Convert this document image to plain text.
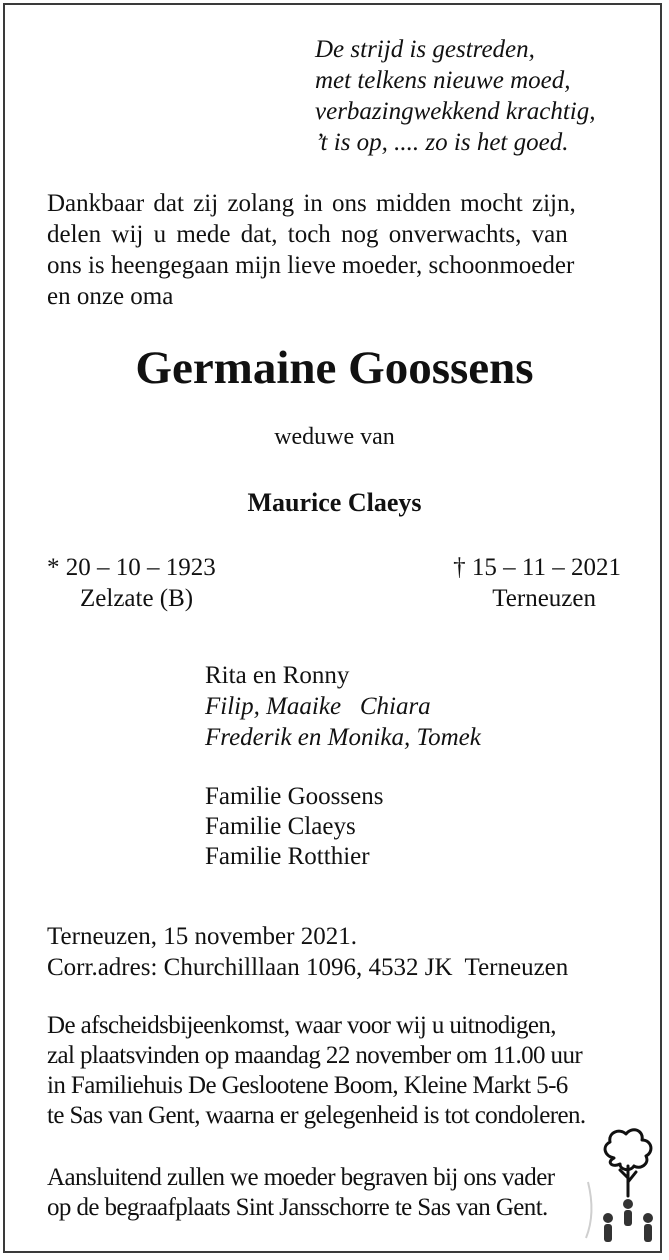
De strijd is gestreden,
met telkens nieuwe moed,
verbazingwekkend krachtig,
’t is op, .... zo is het goed.
Dankbaar dat zij zolang in ons midden mocht zijn,
delen wij u mede dat, toch nog onverwachts, van
ons is heengegaan mijn lieve moeder, schoonmoeder
en onze oma
Germaine Goossens
weduwe van
Maurice Claeys
* 20 – 10 – 1923
Zelzate (B)
† 15 – 11 – 2021
Terneuzen
Rita en Ronny
Filip, Maaike   Chiara
Frederik en Monika, Tomek
Familie Goossens
Familie Claeys
Familie Rotthier
Terneuzen, 15 november 2021.
Corr.adres: Churchilllaan 1096, 4532 JK  Terneuzen
De afscheidsbijeenkomst, waar voor wij u uitnodigen,
zal plaatsvinden op maandag 22 november om 11.00 uur
in Familiehuis De Geslootene Boom, Kleine Markt 5-6
te Sas van Gent, waarna er gelegenheid is tot condoleren.
Aansluitend zullen we moeder begraven bij ons vader
op de begraafplaats Sint Jansschorre te Sas van Gent.
